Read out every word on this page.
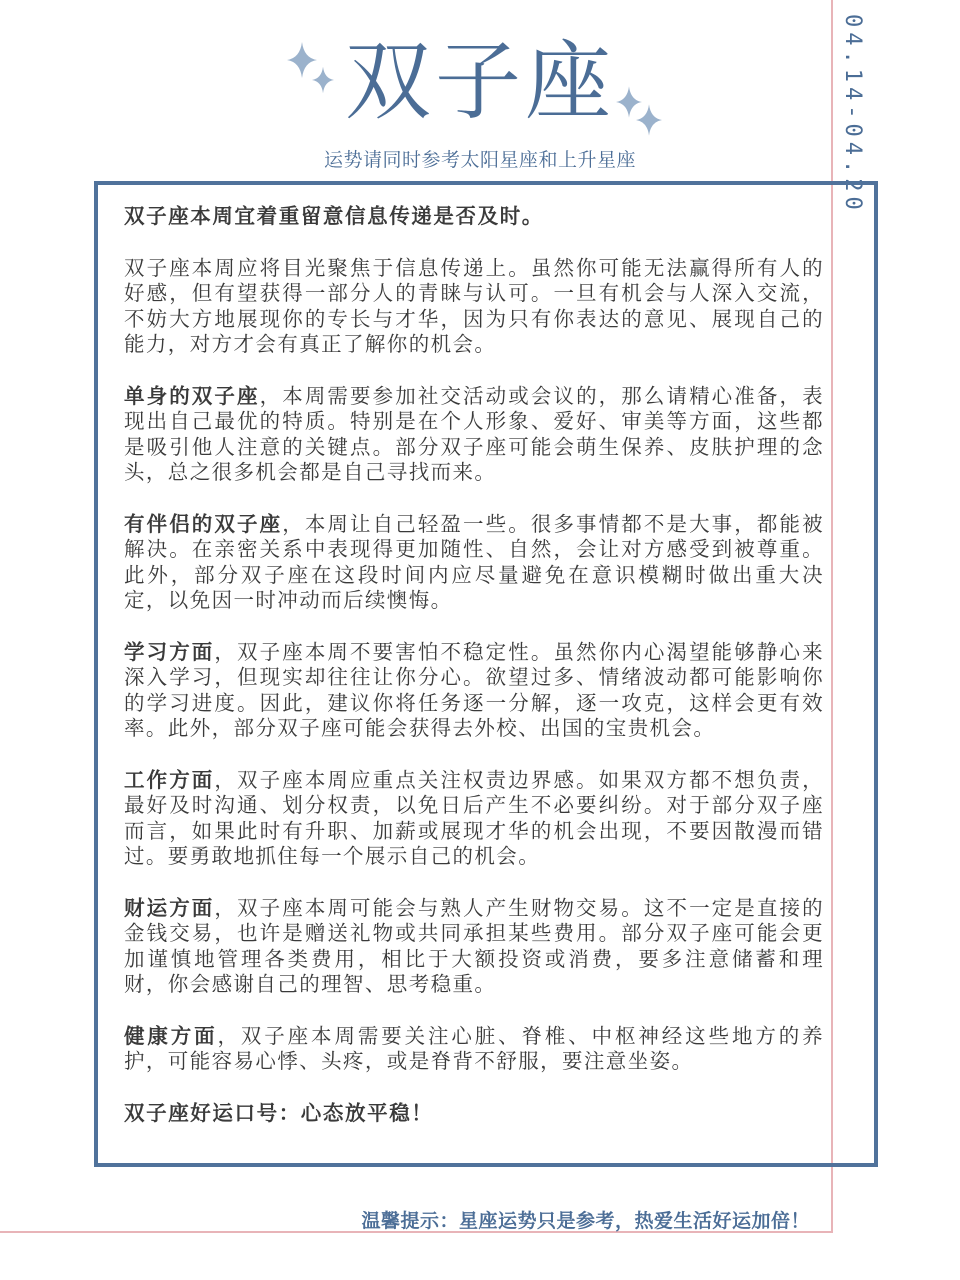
双子座
运势请同时参考太阳星座和上升星座	04.14-04.20

双子座本周宜着重留意信息传递是否及时。

双子座本周应将目光聚焦于信息传递上。虽然你可能无法赢得所有人的好感，但有望获得一部分人的青睐与认可。一旦有机会与人深入交流，不妨大方地展现你的专长与才华，因为只有你表达的意见、展现自己的能力，对方才会有真正了解你的机会。

单身的双子座，本周需要参加社交活动或会议的，那么请精心准备，表现出自己最优的特质。特别是在个人形象、爱好、审美等方面，这些都是吸引他人注意的关键点。部分双子座可能会萌生保养、皮肤护理的念头，总之很多机会都是自己寻找而来。

有伴侣的双子座，本周让自己轻盈一些。很多事情都不是大事，都能被解决。在亲密关系中表现得更加随性、自然，会让对方感受到被尊重。此外，部分双子座在这段时间内应尽量避免在意识模糊时做出重大决定，以免因一时冲动而后续懊悔。

学习方面，双子座本周不要害怕不稳定性。虽然你内心渴望能够静心来深入学习，但现实却往往让你分心。欲望过多、情绪波动都可能影响你的学习进度。因此，建议你将任务逐一分解，逐一攻克，这样会更有效率。此外，部分双子座可能会获得去外校、出国的宝贵机会。

工作方面，双子座本周应重点关注权责边界感。如果双方都不想负责，最好及时沟通、划分权责，以免日后产生不必要纠纷。对于部分双子座而言，如果此时有升职、加薪或展现才华的机会出现，不要因散漫而错过。要勇敢地抓住每一个展示自己的机会。

财运方面，双子座本周可能会与熟人产生财物交易。这不一定是直接的金钱交易，也许是赠送礼物或共同承担某些费用。部分双子座可能会更加谨慎地管理各类费用，相比于大额投资或消费，要多注意储蓄和理财，你会感谢自己的理智、思考稳重。

健康方面，双子座本周需要关注心脏、脊椎、中枢神经这些地方的养护，可能容易心悸、头疼，或是脊背不舒服，要注意坐姿。

双子座好运口号：心态放平稳！

温馨提示：星座运势只是参考，热爱生活好运加倍！
